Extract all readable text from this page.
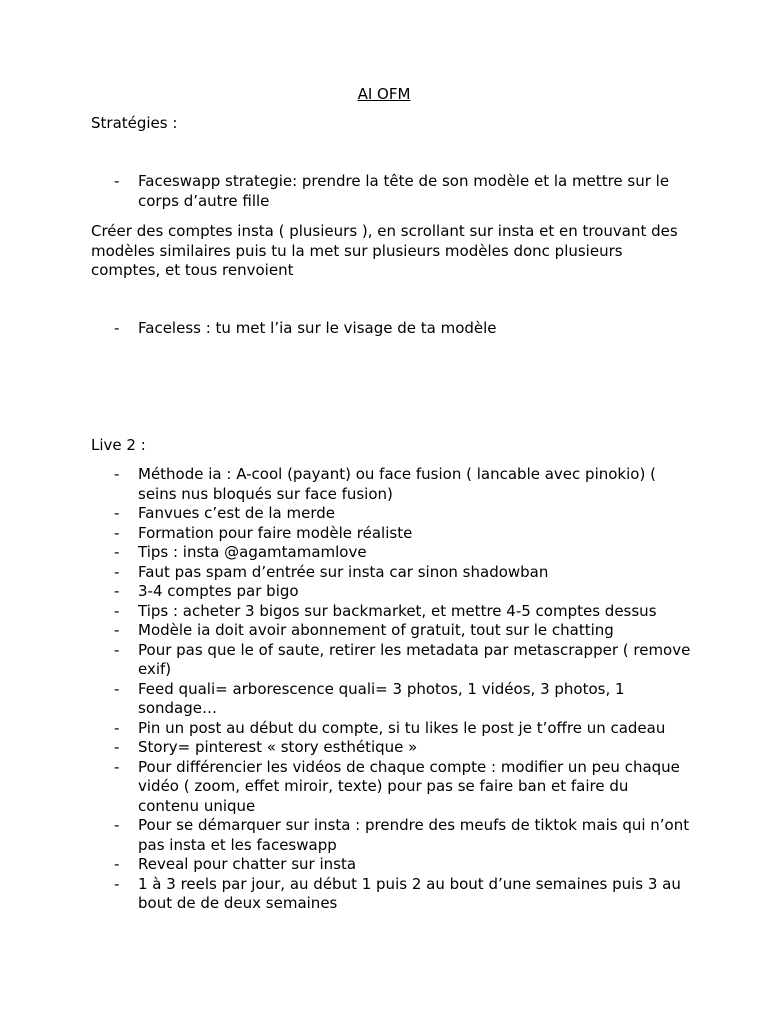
AI OFM
Stratégies :
- Faceswapp strategie: prendre la tête de son modèle et la mettre sur le corps d’autre fille
Créer des comptes insta ( plusieurs ), en scrollant sur insta et en trouvant des modèles similaires puis tu la met sur plusieurs modèles donc plusieurs comptes, et tous renvoient
- Faceless : tu met l’ia sur le visage de ta modèle
Live 2 :
- Méthode ia : A-cool (payant) ou face fusion ( lancable avec pinokio) ( seins nus bloqués sur face fusion)
- Fanvues c’est de la merde
- Formation pour faire modèle réaliste
- Tips : insta @agamtamamlove
- Faut pas spam d’entrée sur insta car sinon shadowban
- 3-4 comptes par bigo
- Tips : acheter 3 bigos sur backmarket, et mettre 4-5 comptes dessus
- Modèle ia doit avoir abonnement of gratuit, tout sur le chatting
- Pour pas que le of saute, retirer les metadata par metascrapper ( remove exif)
- Feed quali= arborescence quali= 3 photos, 1 vidéos, 3 photos, 1 sondage…
- Pin un post au début du compte, si tu likes le post je t’offre un cadeau
- Story= pinterest « story esthétique »
- Pour différencier les vidéos de chaque compte : modifier un peu chaque vidéo ( zoom, effet miroir, texte) pour pas se faire ban et faire du contenu unique
- Pour se démarquer sur insta : prendre des meufs de tiktok mais qui n’ont pas insta et les faceswapp
- Reveal pour chatter sur insta
- 1 à 3 reels par jour, au début 1 puis 2 au bout d’une semaines puis 3 au bout de de deux semaines
